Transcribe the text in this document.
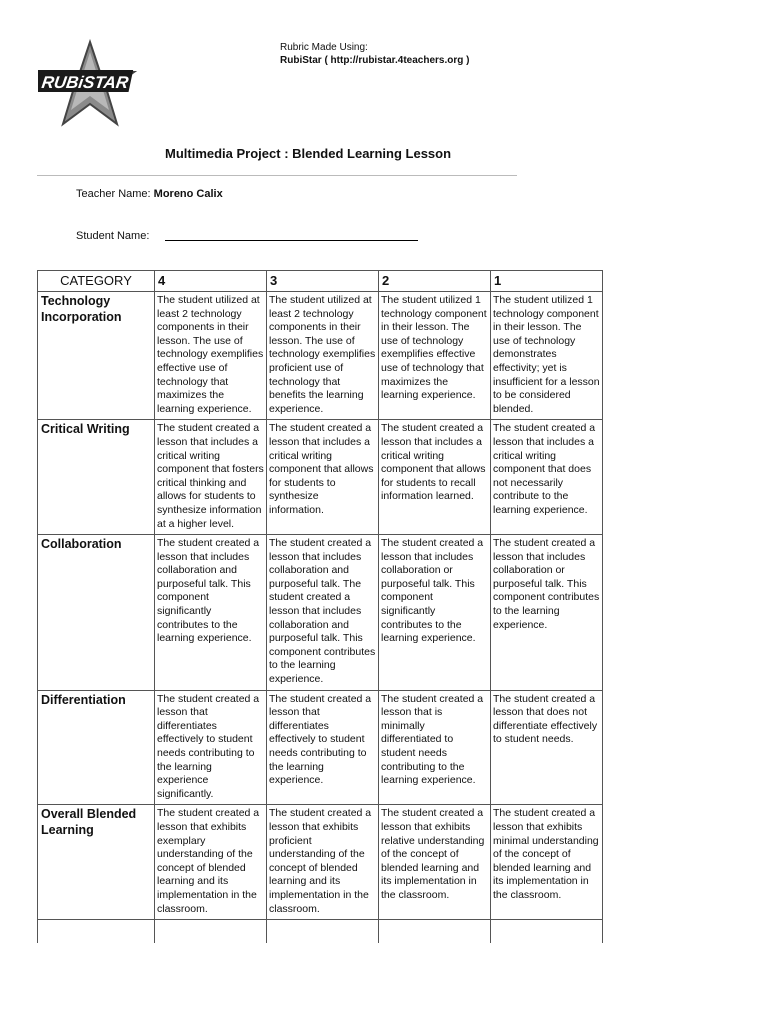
RUBiSTAR
Rubric Made Using:
RubiStar ( http://rubistar.4teachers.org )
Multimedia Project : Blended Learning Lesson
Teacher Name: Moreno Calix
Student Name:
CATEGORY	4	3	2	1
Technology Incorporation	The student utilized at least 2 technology components in their lesson. The use of technology exemplifies effective use of technology that maximizes the learning experience.	The student utilized at least 2 technology components in their lesson. The use of technology exemplifies proficient use of technology that benefits the learning experience.	The student utilized 1 technology component in their lesson. The use of technology exemplifies effective use of technology that maximizes the learning experience.	The student utilized 1 technology component in their lesson. The use of technology demonstrates effectivity; yet is insufficient for a lesson to be considered blended.
Critical Writing	The student created a lesson that includes a critical writing component that fosters critical thinking and allows for students to synthesize information at a higher level.	The student created a lesson that includes a critical writing component that allows for students to synthesize information.	The student created a lesson that includes a critical writing component that allows for students to recall information learned.	The student created a lesson that includes a critical writing component that does not necessarily contribute to the learning experience.
Collaboration	The student created a lesson that includes collaboration and purposeful talk. This component significantly contributes to the learning experience.	The student created a lesson that includes collaboration and purposeful talk. The student created a lesson that includes collaboration and purposeful talk. This component contributes to the learning experience.	The student created a lesson that includes collaboration or purposeful talk. This component significantly contributes to the learning experience.	The student created a lesson that includes collaboration or purposeful talk. This component contributes to the learning experience.
Differentiation	The student created a lesson that differentiates effectively to student needs contributing to the learning experience significantly.	The student created a lesson that differentiates effectively to student needs contributing to the learning experience.	The student created a lesson that is minimally differentiated to student needs contributing to the learning experience.	The student created a lesson that does not differentiate effectively to student needs.
Overall Blended Learning	The student created a lesson that exhibits exemplary understanding of the concept of blended learning and its implementation in the classroom.	The student created a lesson that exhibits proficient understanding of the concept of blended learning and its implementation in the classroom.	The student created a lesson that exhibits relative understanding of the concept of blended learning and its implementation in the classroom.	The student created a lesson that exhibits minimal understanding of the concept of blended learning and its implementation in the classroom.
